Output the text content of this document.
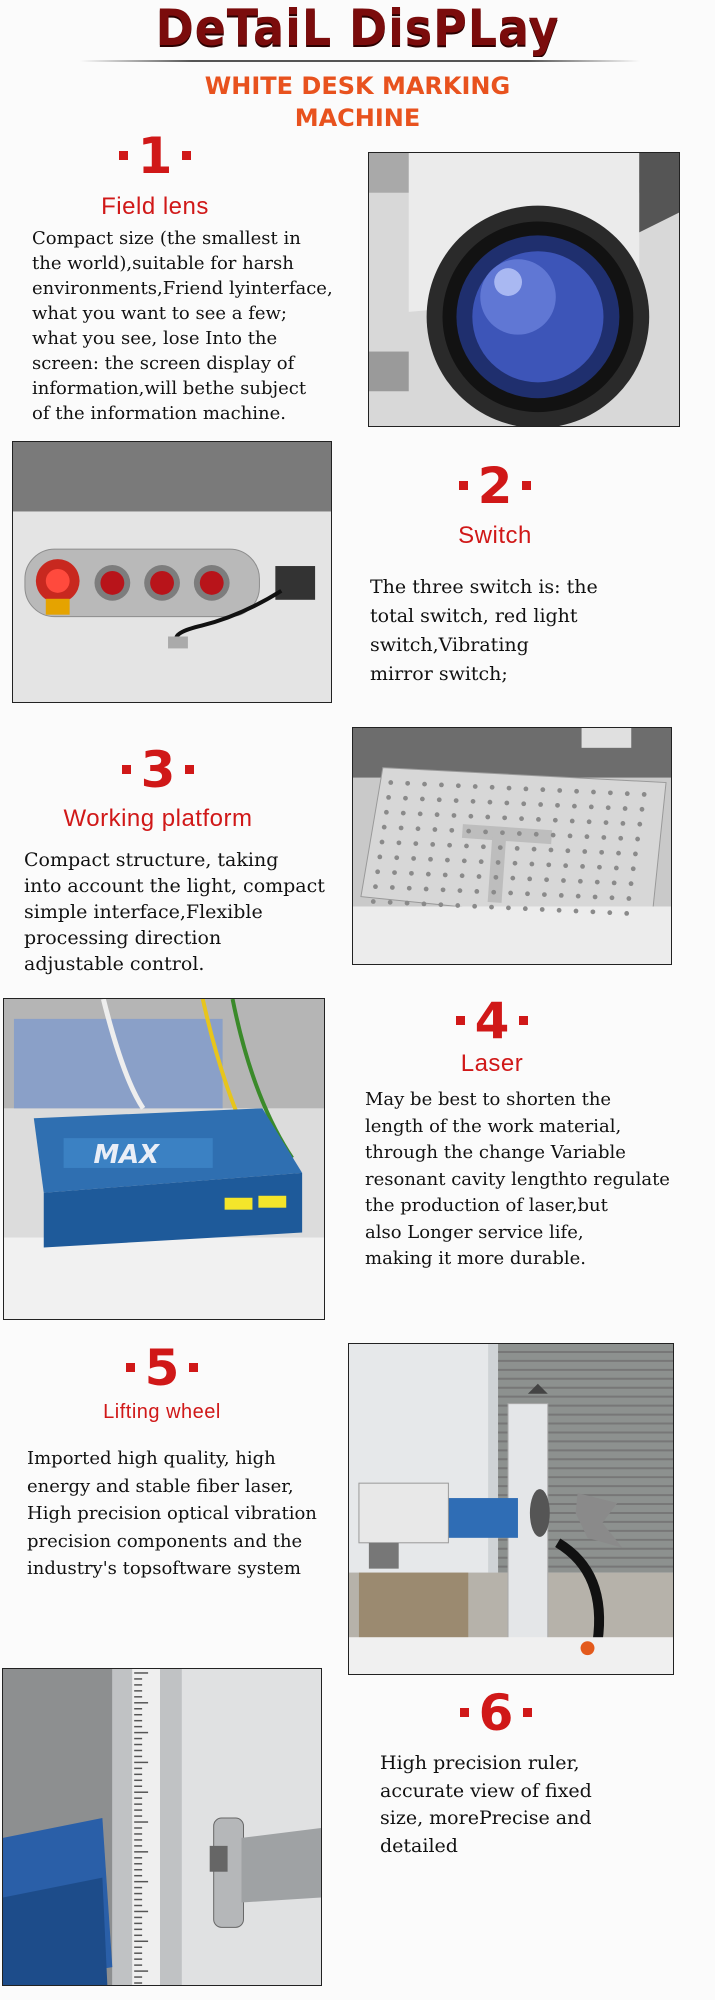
DeTaiL DisPLay
WHITE DESK MARKING
MACHINE
1
Field lens
Compact size (the smallest in
the world),suitable for harsh
environments,Friend lyinterface,
what you want to see a few;
what you see, lose Into the
screen: the screen display of
information,will bethe subject
of the information machine.
2
Switch
The three switch is: the
total switch, red light
switch,Vibrating
mirror switch;
3
Working platform
Compact structure, taking
into account the light, compact
simple interface,Flexible
processing direction
adjustable control.
MAX
4
Laser
May be best to shorten the
length of the work material,
through the change Variable
resonant cavity lengthto regulate
the production of laser,but
also Longer service life,
making it more durable.
5
Lifting wheel
Imported high quality, high
energy and stable fiber laser,
High precision optical vibration
precision components and the
industry's topsoftware system
6
High precision ruler,
accurate view of fixed
size, morePrecise and
detailed
